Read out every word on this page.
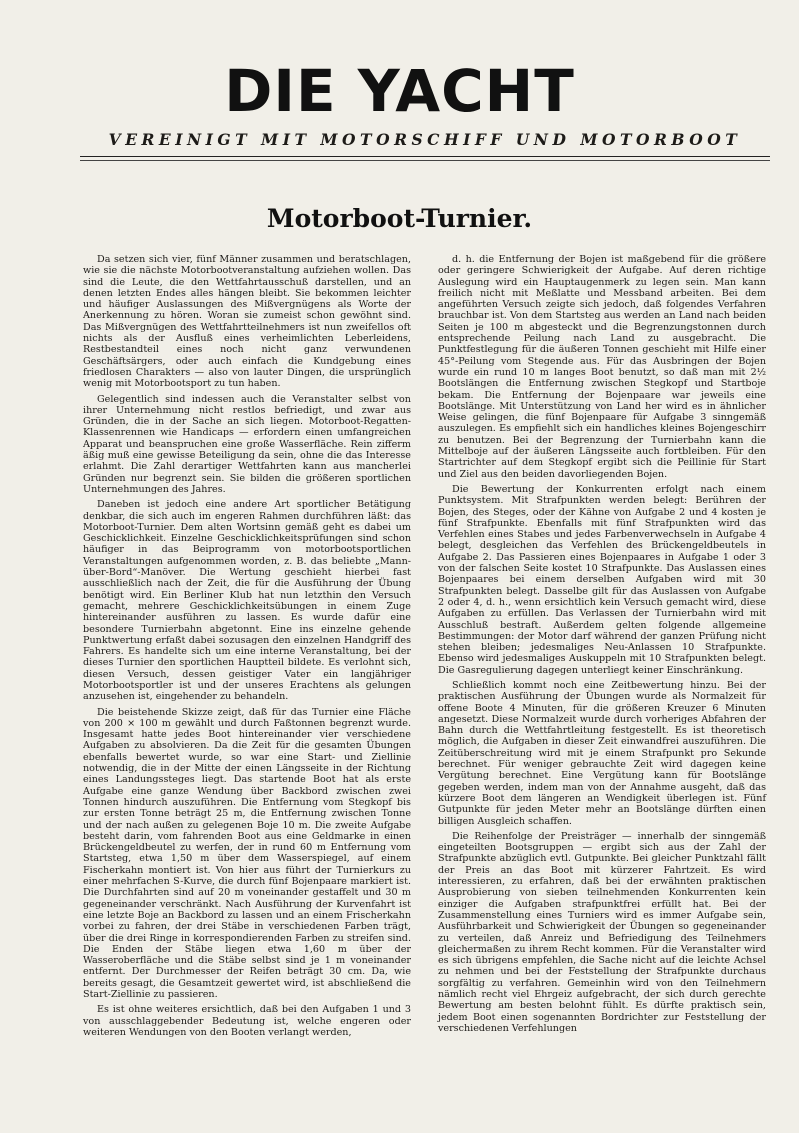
DIE YACHT
VEREINIGT MIT MOTORSCHIFF UND MOTORBOOT
Motorboot-Turnier.

Da setzen sich vier, fünf Männer zusammen und beratschlagen, wie sie die nächste Motorbootveranstaltung aufziehen wollen. Das sind die Leute, die den Wettfahrtausschuß darstellen, und an denen letzten Endes alles hängen bleibt. Sie bekommen leichter und häufiger Auslassungen des Mißvergnügens als Worte der Anerkennung zu hören. Woran sie zumeist schon gewöhnt sind. Das Mißvergnügen des Wettfahrtteilnehmers ist nun zweifellos oft nichts als der Ausfluß eines verheimlichten Leberleidens, Restbestandteil eines noch nicht ganz verwundenen Geschäftsärgers, oder auch einfach die Kundgebung eines friedlosen Charakters — also von lauter Dingen, die ursprünglich wenig mit Motorbootsport zu tun haben.

Gelegentlich sind indessen auch die Veranstalter selbst von ihrer Unternehmung nicht restlos befriedigt, und zwar aus Gründen, die in der Sache an sich liegen. Motorboot-Regatten-Klassenrennen wie Handicaps — erfordern einen umfangreichen Apparat und beanspruchen eine große Wasserfläche. Rein zifferm​äßig muß eine gewisse Beteiligung da sein, ohne die das Interesse erlahmt. Die Zahl derartiger Wettfahrten kann aus mancherlei Gründen nur begrenzt sein. Sie bilden die größeren sportlichen Unternehmungen des Jahres.

Daneben ist jedoch eine andere Art sportlicher Betätigung denkbar, die sich auch im engeren Rahmen durchführen läßt: das Motorboot-Turnier. Dem alten Wortsinn gemäß geht es dabei um Geschicklichkeit. Einzelne Geschicklichkeitsprüfungen sind schon häufiger in das Beiprogramm von motorbootsportlichen Veranstaltungen aufgenommen worden, z. B. das beliebte „Mann-über-Bord“-Manöver. Die Wertung geschieht hierbei fast ausschließlich nach der Zeit, die für die Ausführung der Übung benötigt wird. Ein Berliner Klub hat nun letzthin den Versuch gemacht, mehrere Geschicklichkeitsübungen in einem Zuge hintereinander ausführen zu lassen. Es wurde dafür eine besondere Turnierbahn abgetonnt. Eine ins einzelne gehende Punktwertung erfaßt dabei sozusagen den einzelnen Handgriff des Fahrers. Es handelte sich um eine interne Veranstaltung, bei der dieses Turnier den sportlichen Hauptteil bildete. Es verlohnt sich, diesen Versuch, dessen geistiger Vater ein langjähriger Motorbootsportler ist und der unseres Erachtens als gelungen anzusehen ist, eingehender zu behandeln.

Die beistehende Skizze zeigt, daß für das Turnier eine Fläche von 200 × 100 m gewählt und durch Faßtonnen begrenzt wurde. Insgesamt hatte jedes Boot hintereinander vier verschiedene Aufgaben zu absolvieren. Da die Zeit für die gesamten Übungen ebenfalls bewertet wurde, so war eine Start- und Ziellinie notwendig, die in der Mitte der einen Längsseite in der Richtung eines Landungssteges liegt. Das startende Boot hat als erste Aufgabe eine ganze Wendung über Backbord zwischen zwei Tonnen hindurch auszuführen. Die Entfernung vom Stegkopf bis zur ersten Tonne beträgt 25 m, die Entfernung zwischen Tonne und der nach außen zu gelegenen Boje 10 m. Die zweite Aufgabe besteht darin, vom fahrenden Boot aus eine Geldmarke in einen Brückengeldbeutel zu werfen, der in rund 60 m Entfernung vom Startsteg, etwa 1,50 m über dem Wasserspiegel, auf einem Fischerkahn montiert ist. Von hier aus führt der Turnierkurs zu einer mehrfachen S-Kurve, die durch fünf Bojenpaare markiert ist. Die Durchfahrten sind auf 20 m voneinander gestaffelt und 30 m gegeneinander verschränkt. Nach Ausführung der Kurvenfahrt ist eine letzte Boje an Backbord zu lassen und an einem Frischerkahn vorbei zu fahren, der drei Stäbe in verschiedenen Farben trägt, über die drei Ringe in korrespondierenden Farben zu streifen sind. Die Enden der Stäbe liegen etwa 1,60 m über der Wasseroberfläche und die Stäbe selbst sind je 1 m voneinander entfernt. Der Durchmesser der Reifen beträgt 30 cm. Da, wie bereits gesagt, die Gesamtzeit gewertet wird, ist abschließend die Start-Ziellinie zu passieren.

Es ist ohne weiteres ersichtlich, daß bei den Aufgaben 1 und 3 von ausschlaggebender Bedeutung ist, welche engeren oder weiteren Wendungen von den Booten verlangt werden,

d. h. die Entfernung der Bojen ist maßgebend für die größere oder geringere Schwierigkeit der Aufgabe. Auf deren richtige Auslegung wird ein Hauptaugenmerk zu legen sein. Man kann freilich nicht mit Meßlatte und Messband arbeiten. Bei dem angeführten Versuch zeigte sich jedoch, daß folgendes Verfahren brauchbar ist. Von dem Startsteg aus werden an Land nach beiden Seiten je 100 m abgesteckt und die Begrenzungstonnen durch entsprechende Peilung nach Land zu ausgebracht. Die Punktfestlegung für die äußeren Tonnen geschieht mit Hilfe einer 45°-Peilung vom Stegende aus. Für das Ausbringen der Bojen wurde ein rund 10 m langes Boot benutzt, so daß man mit 2½ Bootslängen die Entfernung zwischen Stegkopf und Startboje bekam. Die Entfernung der Bojenpaare war jeweils eine Bootslänge. Mit Unterstützung von Land her wird es in ähnlicher Weise gelingen, die fünf Bojenpaare für Aufgabe 3 sinngemäß auszulegen. Es empfiehlt sich ein handliches kleines Bojengeschirr zu benutzen. Bei der Begrenzung der Turnierbahn kann die Mittelboje auf der äußeren Längsseite auch fortbleiben. Für den Startrichter auf dem Stegkopf ergibt sich die Peillinie für Start und Ziel aus den beiden davorliegenden Bojen.

Die Bewertung der Konkurrenten erfolgt nach einem Punktsystem. Mit Strafpunkten werden belegt: Berühren der Bojen, des Steges, oder der Kähne von Aufgabe 2 und 4 kosten je fünf Strafpunkte. Ebenfalls mit fünf Strafpunkten wird das Verfehlen eines Stabes und jedes Farbenverwechseln in Aufgabe 4 belegt, desgleichen das Verfehlen des Brückengeldbeutels in Aufgabe 2. Das Passieren eines Bojenpaares in Aufgabe 1 oder 3 von der falschen Seite kostet 10 Strafpunkte. Das Auslassen eines Bojenpaares bei einem derselben Aufgaben wird mit 30 Strafpunkten belegt. Dasselbe gilt für das Auslassen von Aufgabe 2 oder 4, d. h., wenn ersichtlich kein Versuch gemacht wird, diese Aufgaben zu erfüllen. Das Verlassen der Turnierbahn wird mit Ausschluß bestraft. Außerdem gelten folgende allgemeine Bestimmungen: der Motor darf während der ganzen Prüfung nicht stehen bleiben; jedesmaliges Neu-Anlassen 10 Strafpunkte. Ebenso wird jedesmaliges Auskuppeln mit 10 Strafpunkten belegt. Die Gasregulierung dagegen unterliegt keiner Einschränkung.

Schließlich kommt noch eine Zeitbewertung hinzu. Bei der praktischen Ausführung der Übungen wurde als Normalzeit für offene Boote 4 Minuten, für die größeren Kreuzer 6 Minuten angesetzt. Diese Normalzeit wurde durch vorheriges Abfahren der Bahn durch die Wettfahrtleitung festgestellt. Es ist theoretisch möglich, die Aufgaben in dieser Zeit einwandfrei auszuführen. Die Zeitüberschreitung wird mit je einem Strafpunkt pro Sekunde berechnet. Für weniger gebrauchte Zeit wird dagegen keine Vergütung berechnet. Eine Vergütung kann für Bootslänge gegeben werden, indem man von der Annahme ausgeht, daß das kürzere Boot dem längeren an Wendigkeit überlegen ist. Fünf Gutpunkte für jeden Meter mehr an Bootslänge dürften einen billigen Ausgleich schaffen.

Die Reihenfolge der Preisträger — innerhalb der sinngemäß eingeteilten Bootsgruppen — ergibt sich aus der Zahl der Strafpunkte abzüglich evtl. Gutpunkte. Bei gleicher Punktzahl fällt der Preis an das Boot mit kürzerer Fahrtzeit. Es wird interessieren, zu erfahren, daß bei der erwähnten praktischen Ausprobierung von sieben teilnehmenden Konkurrenten kein einziger die Aufgaben strafpunktfrei erfüllt hat. Bei der Zusammenstellung eines Turniers wird es immer Aufgabe sein, Ausführbarkeit und Schwierigkeit der Übungen so gegeneinander zu verteilen, daß Anreiz und Befriedigung des Teilnehmers gleichermaßen zu ihrem Recht kommen. Für die Veranstalter wird es sich übrigens empfehlen, die Sache nicht auf die leichte Achsel zu nehmen und bei der Feststellung der Strafpunkte durchaus sorgfältig zu verfahren. Gemeinhin wird von den Teilnehmern nämlich recht viel Ehrgeiz aufgebracht, der sich durch gerechte Bewertung am besten belohnt fühlt. Es dürfte praktisch sein, jedem Boot einen sogenannten Bordrichter zur Feststellung der verschiedenen Verfehlungen
